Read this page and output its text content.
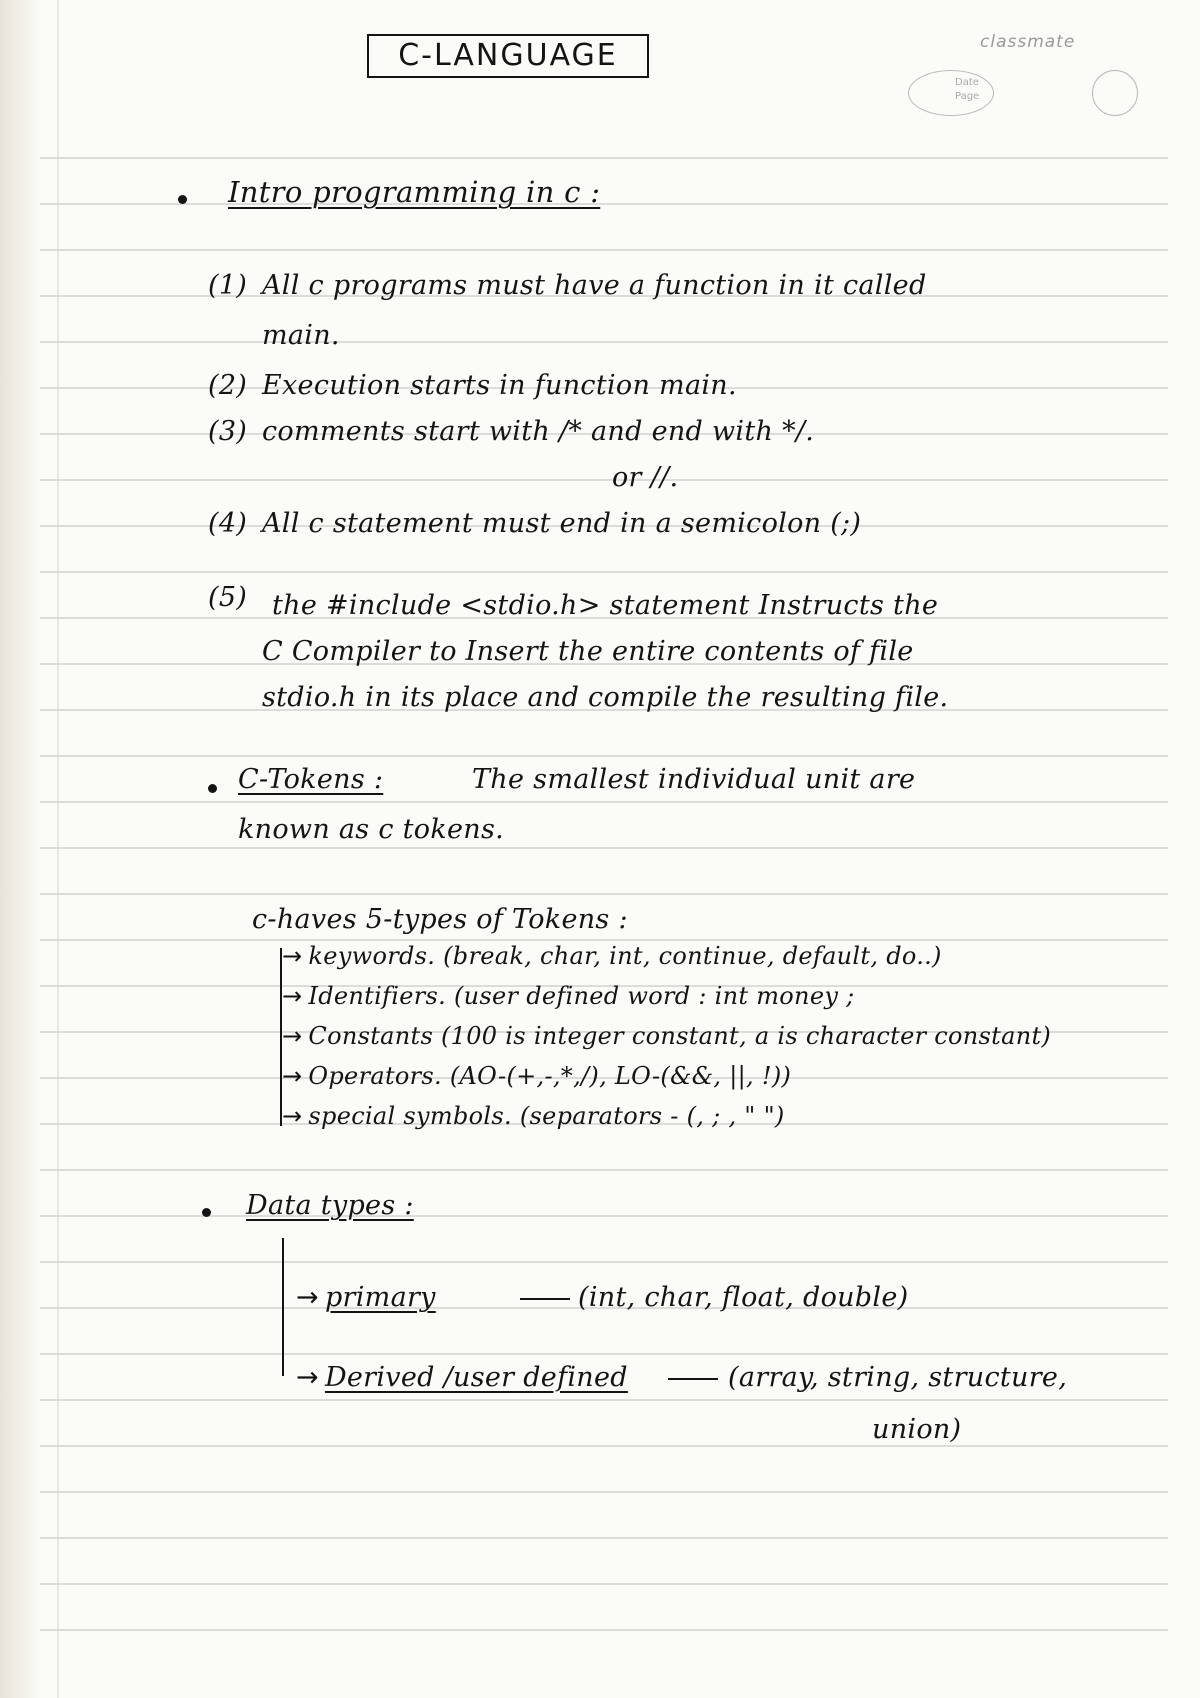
C-LANGUAGE	classmate
Date
Page
Intro programming in c :
(1) All c programs must have a function in it called
main.
(2) Execution starts in function main.
(3) comments start with /* and end with */.
or //.
(4) All c statement must end in a semicolon (;)
(5) the #include <stdio.h> statement Instructs the
C Compiler to Insert the entire contents of file
stdio.h in its place and compile the resulting file.
C-Tokens :	The smallest individual unit are
known as c tokens.
c-haves 5-types of Tokens :
→ keywords. (break, char, int, continue, default, do..)
→ Identifiers. (user defined word : int money ;
→ Constants (100 is integer constant, a is character constant)
→ Operators. (AO-(+,-,*,/), LO-(&&, ||, !))
→ special symbols. (separators - (, ; , " ")
Data types :
→ primary	(int, char, float, double)
→ Derived /user defined	(array, string, structure,
union)
